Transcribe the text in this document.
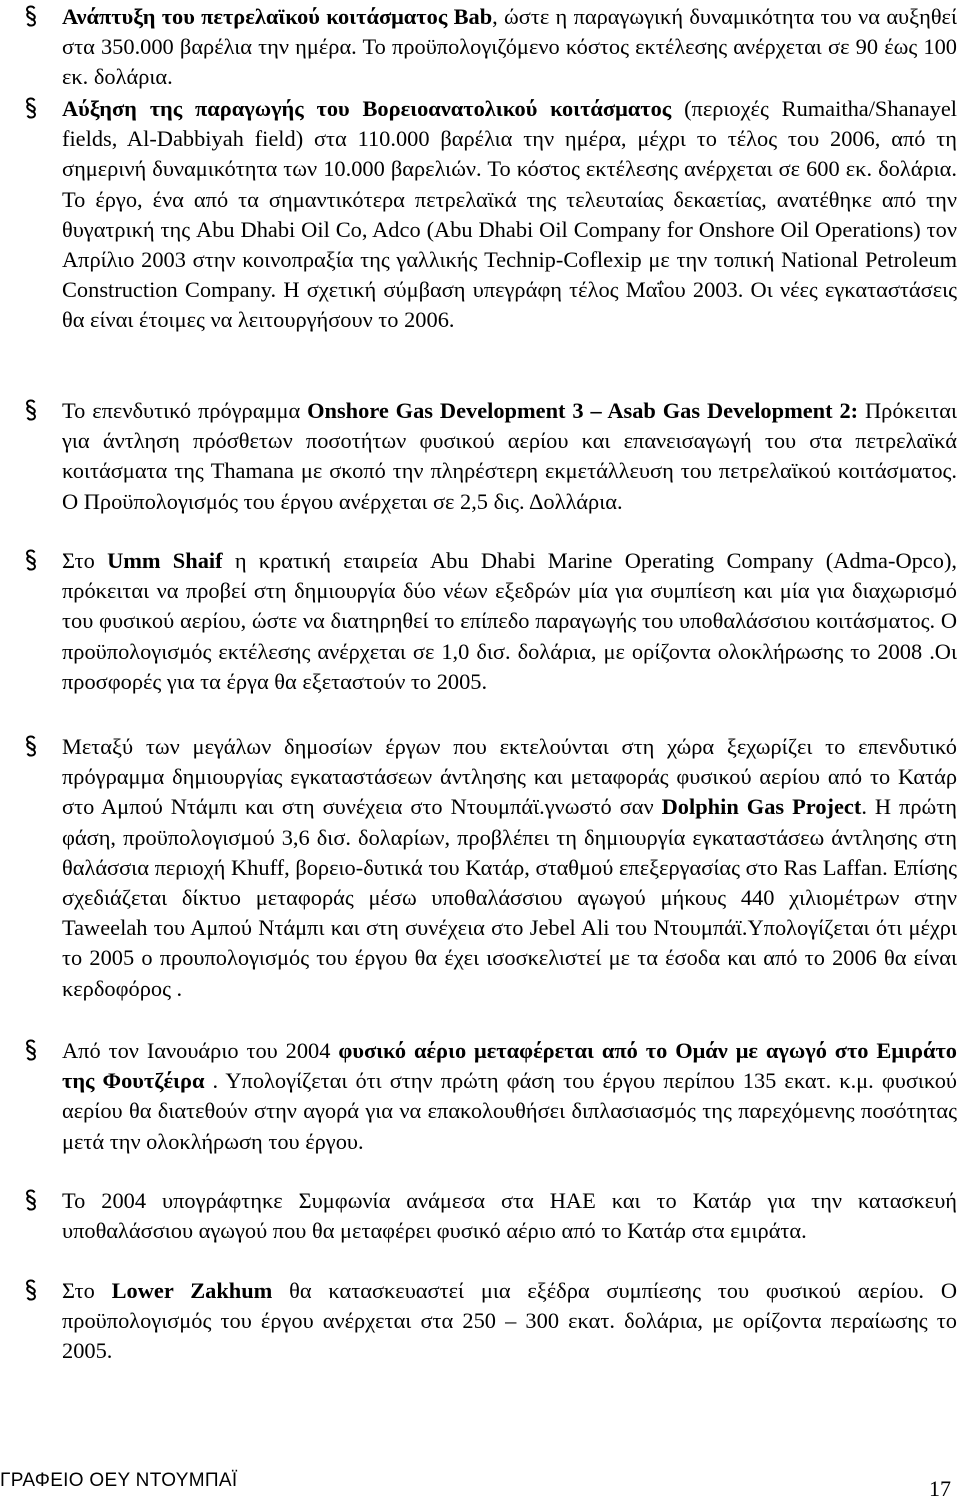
Ανάπτυξη του πετρελαϊκού κοιτάσματος Bab, ώστε η παραγωγική δυναμικότητα του να αυξηθεί στα 350.000 βαρέλια την ημέρα. Το προϋπολογιζόμενο κόστος εκτέλεσης ανέρχεται σε 90 έως 100 εκ. δολάρια.
Αύξηση της παραγωγής του Βορειοανατολικού κοιτάσματος (περιοχές Rumaitha/Shanayel fields, Al-Dabbiyah field) στα 110.000 βαρέλια την ημέρα, μέχρι το τέλος του 2006, από τη σημερινή δυναμικότητα των 10.000 βαρελιών. Το κόστος εκτέλεσης ανέρχεται σε 600 εκ. δολάρια. Το έργο, ένα από τα σημαντικότερα πετρελαϊκά της τελευταίας δεκαετίας, ανατέθηκε από την θυγατρική της Abu Dhabi Oil Co, Adco (Abu Dhabi Oil Company for Onshore Oil Operations) τον Απρίλιο 2003 στην κοινοπραξία της γαλλικής Technip-Coflexip με την τοπική National Petroleum Construction Company. Η σχετική σύμβαση υπεγράφη τέλος Μαΐου 2003. Οι νέες εγκαταστάσεις θα είναι έτοιμες να λειτουργήσουν το 2006.
Το επενδυτικό πρόγραμμα Onshore Gas Development 3 – Asab Gas Development 2: Πρόκειται για άντληση πρόσθετων ποσοτήτων φυσικού αερίου και επανεισαγωγή του στα πετρελαϊκά κοιτάσματα της Thamana με σκοπό την πληρέστερη εκμετάλλευση του πετρελαϊκού κοιτάσματος. Ο Προϋπολογισμός του έργου ανέρχεται σε 2,5 δις. Δολλάρια.
Στο Umm Shaif η κρατική εταιρεία Abu Dhabi Marine Operating Company (Adma-Opco), πρόκειται να προβεί στη δημιουργία δύο νέων εξεδρών μία για συμπίεση και μία για διαχωρισμό του φυσικού αερίου, ώστε να διατηρηθεί το επίπεδο παραγωγής του υποθαλάσσιου κοιτάσματος. Ο προϋπολογισμός εκτέλεσης ανέρχεται σε 1,0 δισ. δολάρια, με ορίζοντα ολοκλήρωσης το 2008 .Οι προσφορές για τα έργα θα εξεταστούν το 2005.
Μεταξύ των μεγάλων δημοσίων έργων που εκτελούνται στη χώρα ξεχωρίζει το επενδυτικό πρόγραμμα δημιουργίας εγκαταστάσεων άντλησης και μεταφοράς φυσικού αερίου από το Κατάρ στο Αμπού Ντάμπι και στη συνέχεια στο Ντουμπάϊ.γνωστό σαν Dolphin Gas Project. Η πρώτη φάση, προϋπολογισμού 3,6 δισ. δολαρίων, προβλέπει τη δημιουργία εγκαταστάσεω άντλησης στη θαλάσσια περιοχή Khuff, βορειο-δυτικά του Κατάρ, σταθμού επεξεργασίας στο Ras Laffan. Επίσης σχεδιάζεται δίκτυο μεταφοράς μέσω υποθαλάσσιου αγωγού μήκους 440 χιλιομέτρων στην Taweelah του Αμπού Ντάμπι και στη συνέχεια στο Jebel Ali του Ντουμπάϊ.Υπολογίζεται ότι μέχρι το 2005 ο προυπολογισμός του έργου θα έχει ισοσκελιστεί με τα έσοδα και από το 2006 θα είναι κερδοφόρος .
Από τον Ιανουάριο του 2004 φυσικό αέριο μεταφέρεται από το Ομάν με αγωγό στο Εμιράτο της Φουτζέιρα . Υπολογίζεται ότι στην πρώτη φάση του έργου περίπου 135 εκατ. κ.μ. φυσικού αερίου θα διατεθούν στην αγορά για να επακολουθήσει διπλασιασμός της παρεχόμενης ποσότητας μετά την ολοκλήρωση του έργου.
Το 2004 υπογράφτηκε Συμφωνία ανάμεσα στα ΗΑΕ και το Κατάρ για την κατασκευή υποθαλάσσιου αγωγού που θα μεταφέρει φυσικό αέριο από το Κατάρ στα εμιράτα.
Στο Lower Zakhum θα κατασκευαστεί μια εξέδρα συμπίεσης του φυσικού αερίου. Ο προϋπολογισμός του έργου ανέρχεται στα 250 – 300 εκατ. δολάρια, με ορίζοντα περαίωσης το 2005.
ΓΡΑΦΕΙΟ ΟΕΥ ΝΤΟΥΜΠΑΪ	17
